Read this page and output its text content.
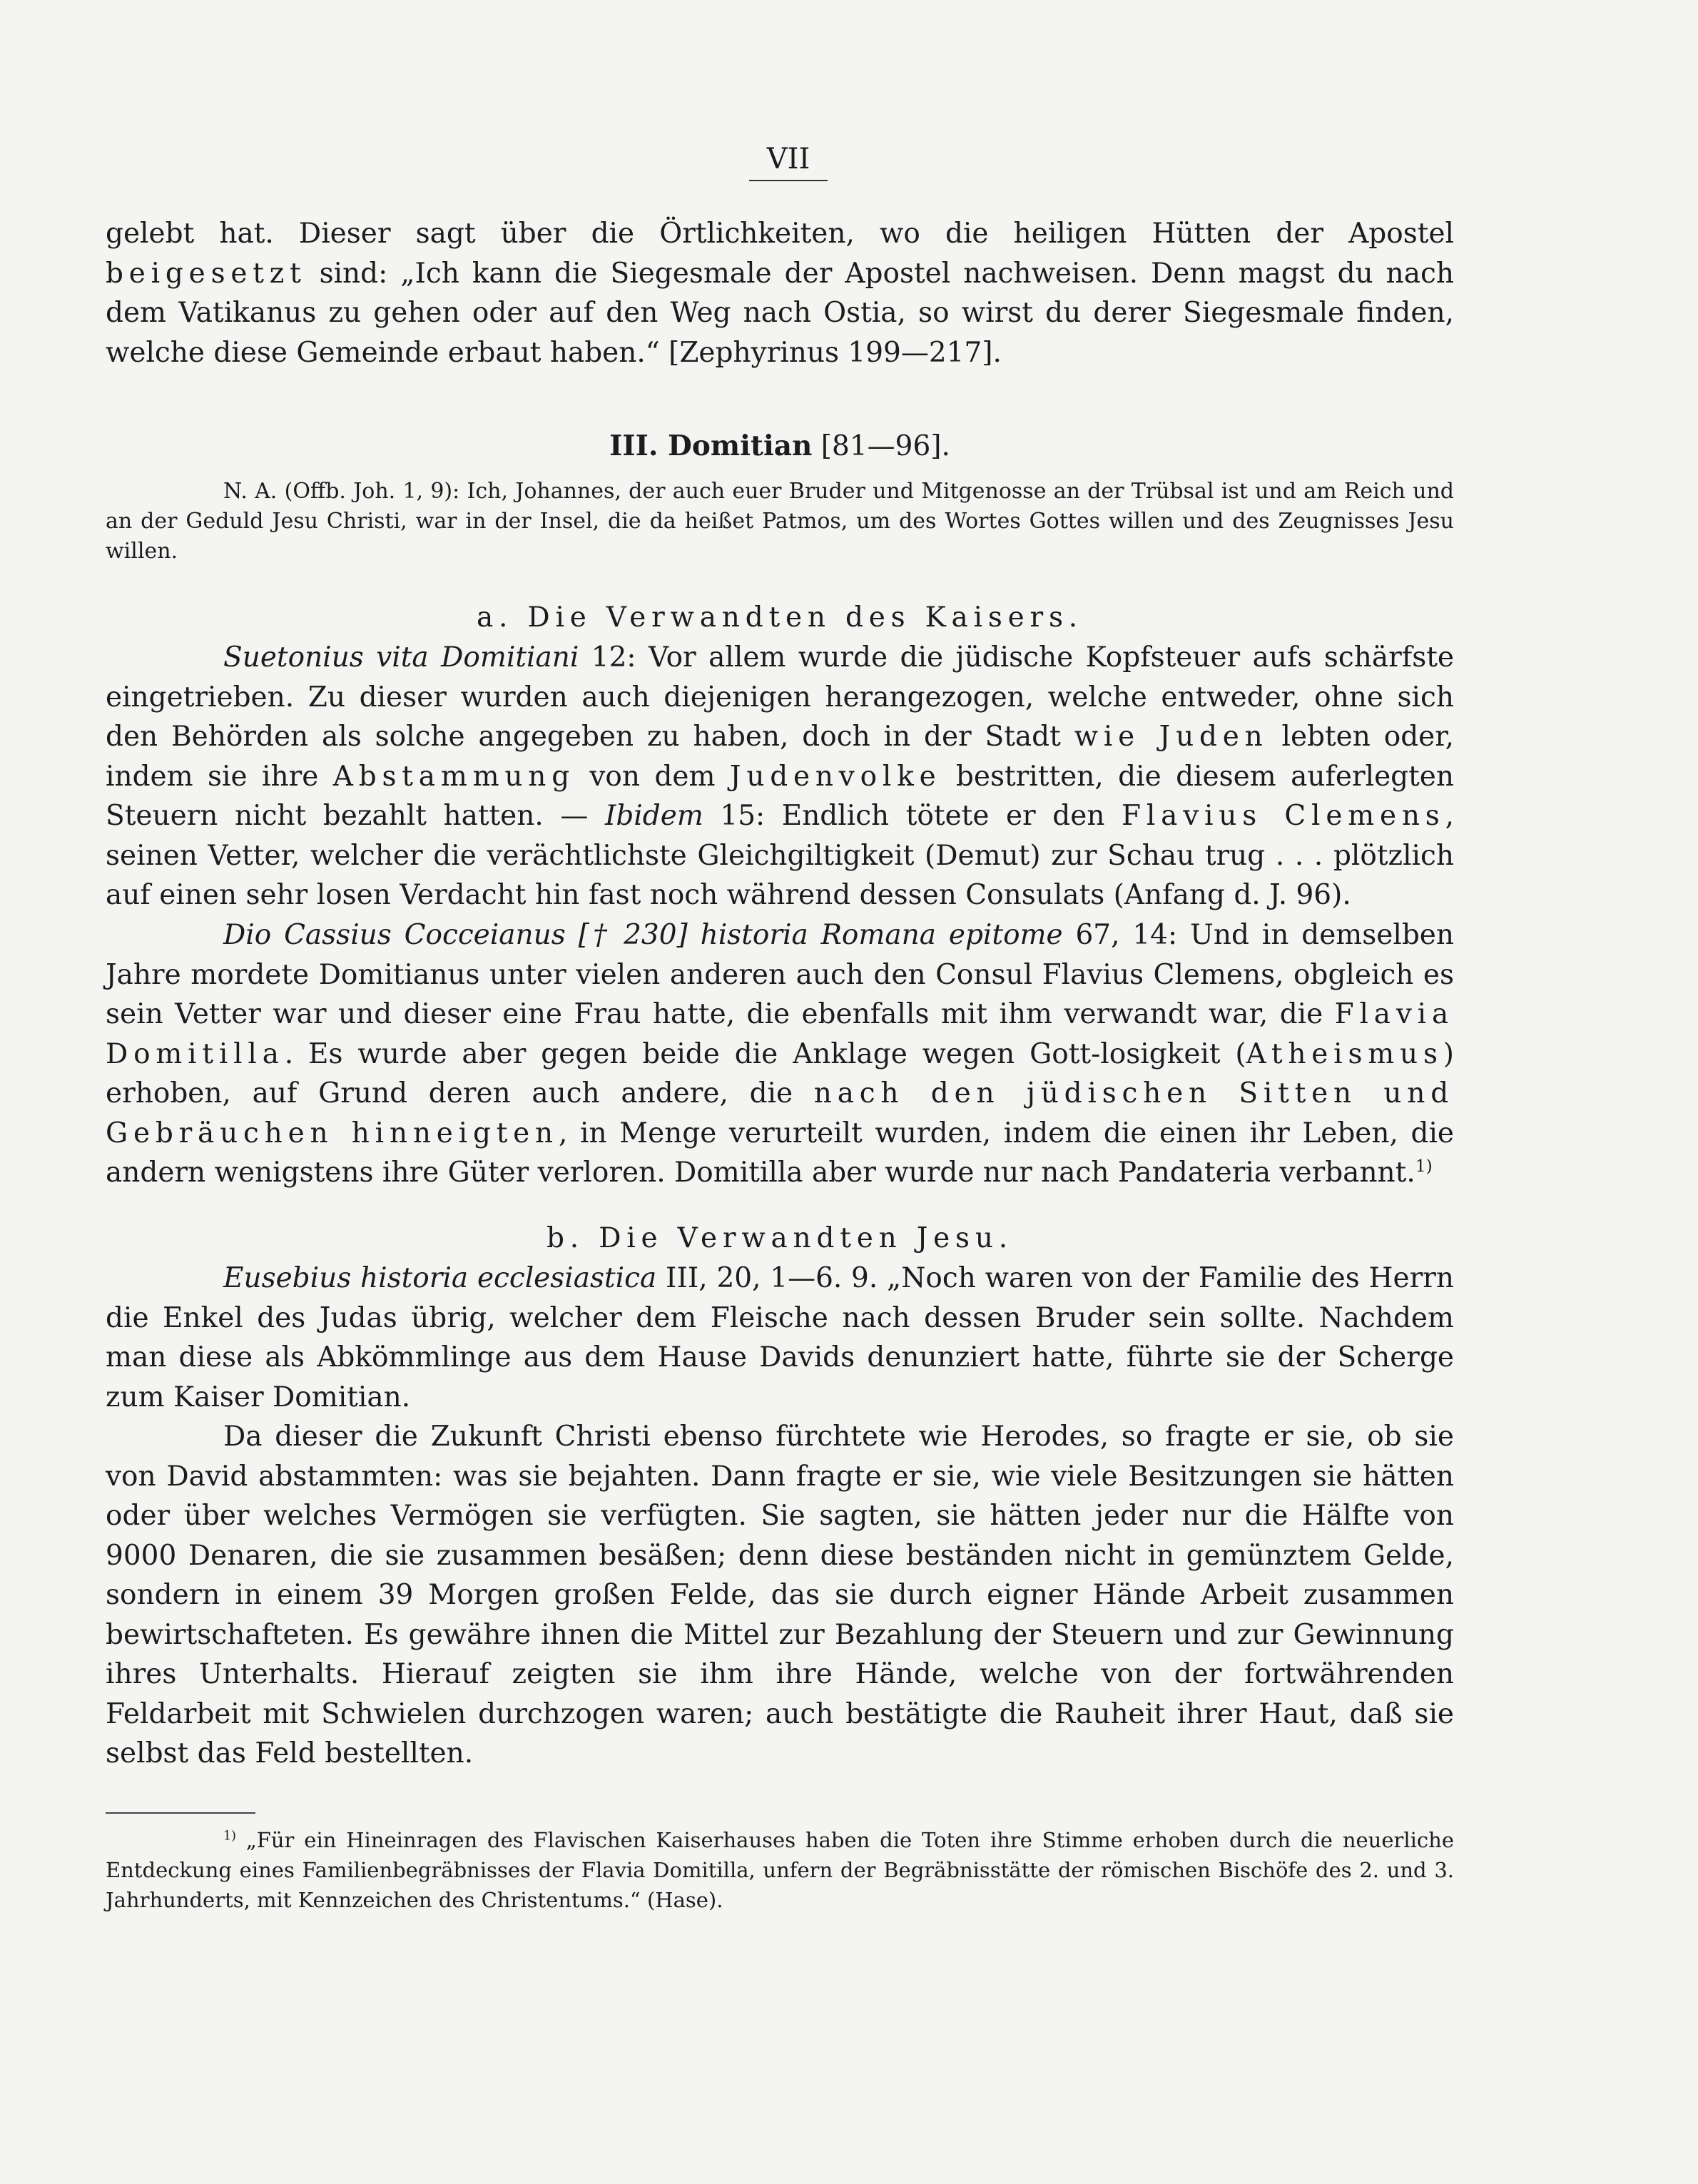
VII

gelebt hat. Dieser sagt über die Örtlichkeiten, wo die heiligen Hütten der Apostel beigesetzt sind: „Ich kann die Siegesmale der Apostel nachweisen. Denn magst du nach dem Vatikanus zu gehen oder auf den Weg nach Ostia, so wirst du derer Siegesmale finden, welche diese Gemeinde erbaut haben.“ [Zephyrinus 199—217].

III. Domitian [81—96].

N. A. (Offb. Joh. 1, 9): Ich, Johannes, der auch euer Bruder und Mitgenosse an der Trübsal ist und am Reich und an der Geduld Jesu Christi, war in der Insel, die da heißet Patmos, um des Wortes Gottes willen und des Zeugnisses Jesu willen.

a. Die Verwandten des Kaisers.

Suetonius vita Domitiani 12: Vor allem wurde die jüdische Kopfsteuer aufs schärfste eingetrieben. Zu dieser wurden auch diejenigen herangezogen, welche entweder, ohne sich den Behörden als solche angegeben zu haben, doch in der Stadt wie Juden lebten oder, indem sie ihre Abstammung von dem Judenvolke bestritten, die diesem auferlegten Steuern nicht bezahlt hatten. — Ibidem 15: Endlich tötete er den Flavius Clemens, seinen Vetter, welcher die verächtlichste Gleichgiltigkeit (Demut) zur Schau trug . . . plötzlich auf einen sehr losen Verdacht hin fast noch während dessen Consulats (Anfang d. J. 96).

Dio Cassius Cocceianus [† 230] historia Romana epitome 67, 14: Und in demselben Jahre mordete Domitianus unter vielen anderen auch den Consul Flavius Clemens, obgleich es sein Vetter war und dieser eine Frau hatte, die ebenfalls mit ihm verwandt war, die Flavia Domitilla. Es wurde aber gegen beide die Anklage wegen Gott-losigkeit (Atheismus) erhoben, auf Grund deren auch andere, die nach den jüdischen Sitten und Gebräuchen hinneigten, in Menge verurteilt wurden, indem die einen ihr Leben, die andern wenigstens ihre Güter verloren. Domitilla aber wurde nur nach Pandateria verbannt.$^{1)}$

b. Die Verwandten Jesu.

Eusebius historia ecclesiastica III, 20, 1—6. 9. „Noch waren von der Familie des Herrn die Enkel des Judas übrig, welcher dem Fleische nach dessen Bruder sein sollte. Nachdem man diese als Abkömmlinge aus dem Hause Davids denunziert hatte, führte sie der Scherge zum Kaiser Domitian.

Da dieser die Zukunft Christi ebenso fürchtete wie Herodes, so fragte er sie, ob sie von David abstammten: was sie bejahten. Dann fragte er sie, wie viele Besitzungen sie hätten oder über welches Vermögen sie verfügten. Sie sagten, sie hätten jeder nur die Hälfte von 9000 Denaren, die sie zusammen besäßen; denn diese beständen nicht in gemünztem Gelde, sondern in einem 39 Morgen großen Felde, das sie durch eigner Hände Arbeit zusammen bewirtschafteten. Es gewähre ihnen die Mittel zur Bezahlung der Steuern und zur Gewinnung ihres Unterhalts. Hierauf zeigten sie ihm ihre Hände, welche von der fortwährenden Feldarbeit mit Schwielen durchzogen waren; auch bestätigte die Rauheit ihrer Haut, daß sie selbst das Feld bestellten.

$^{1)}$ „Für ein Hineinragen des Flavischen Kaiserhauses haben die Toten ihre Stimme erhoben durch die neuerliche Entdeckung eines Familienbegräbnisses der Flavia Domitilla, unfern der Begräbnisstätte der römischen Bischöfe des 2. und 3. Jahrhunderts, mit Kennzeichen des Christentums.“ (Hase).
